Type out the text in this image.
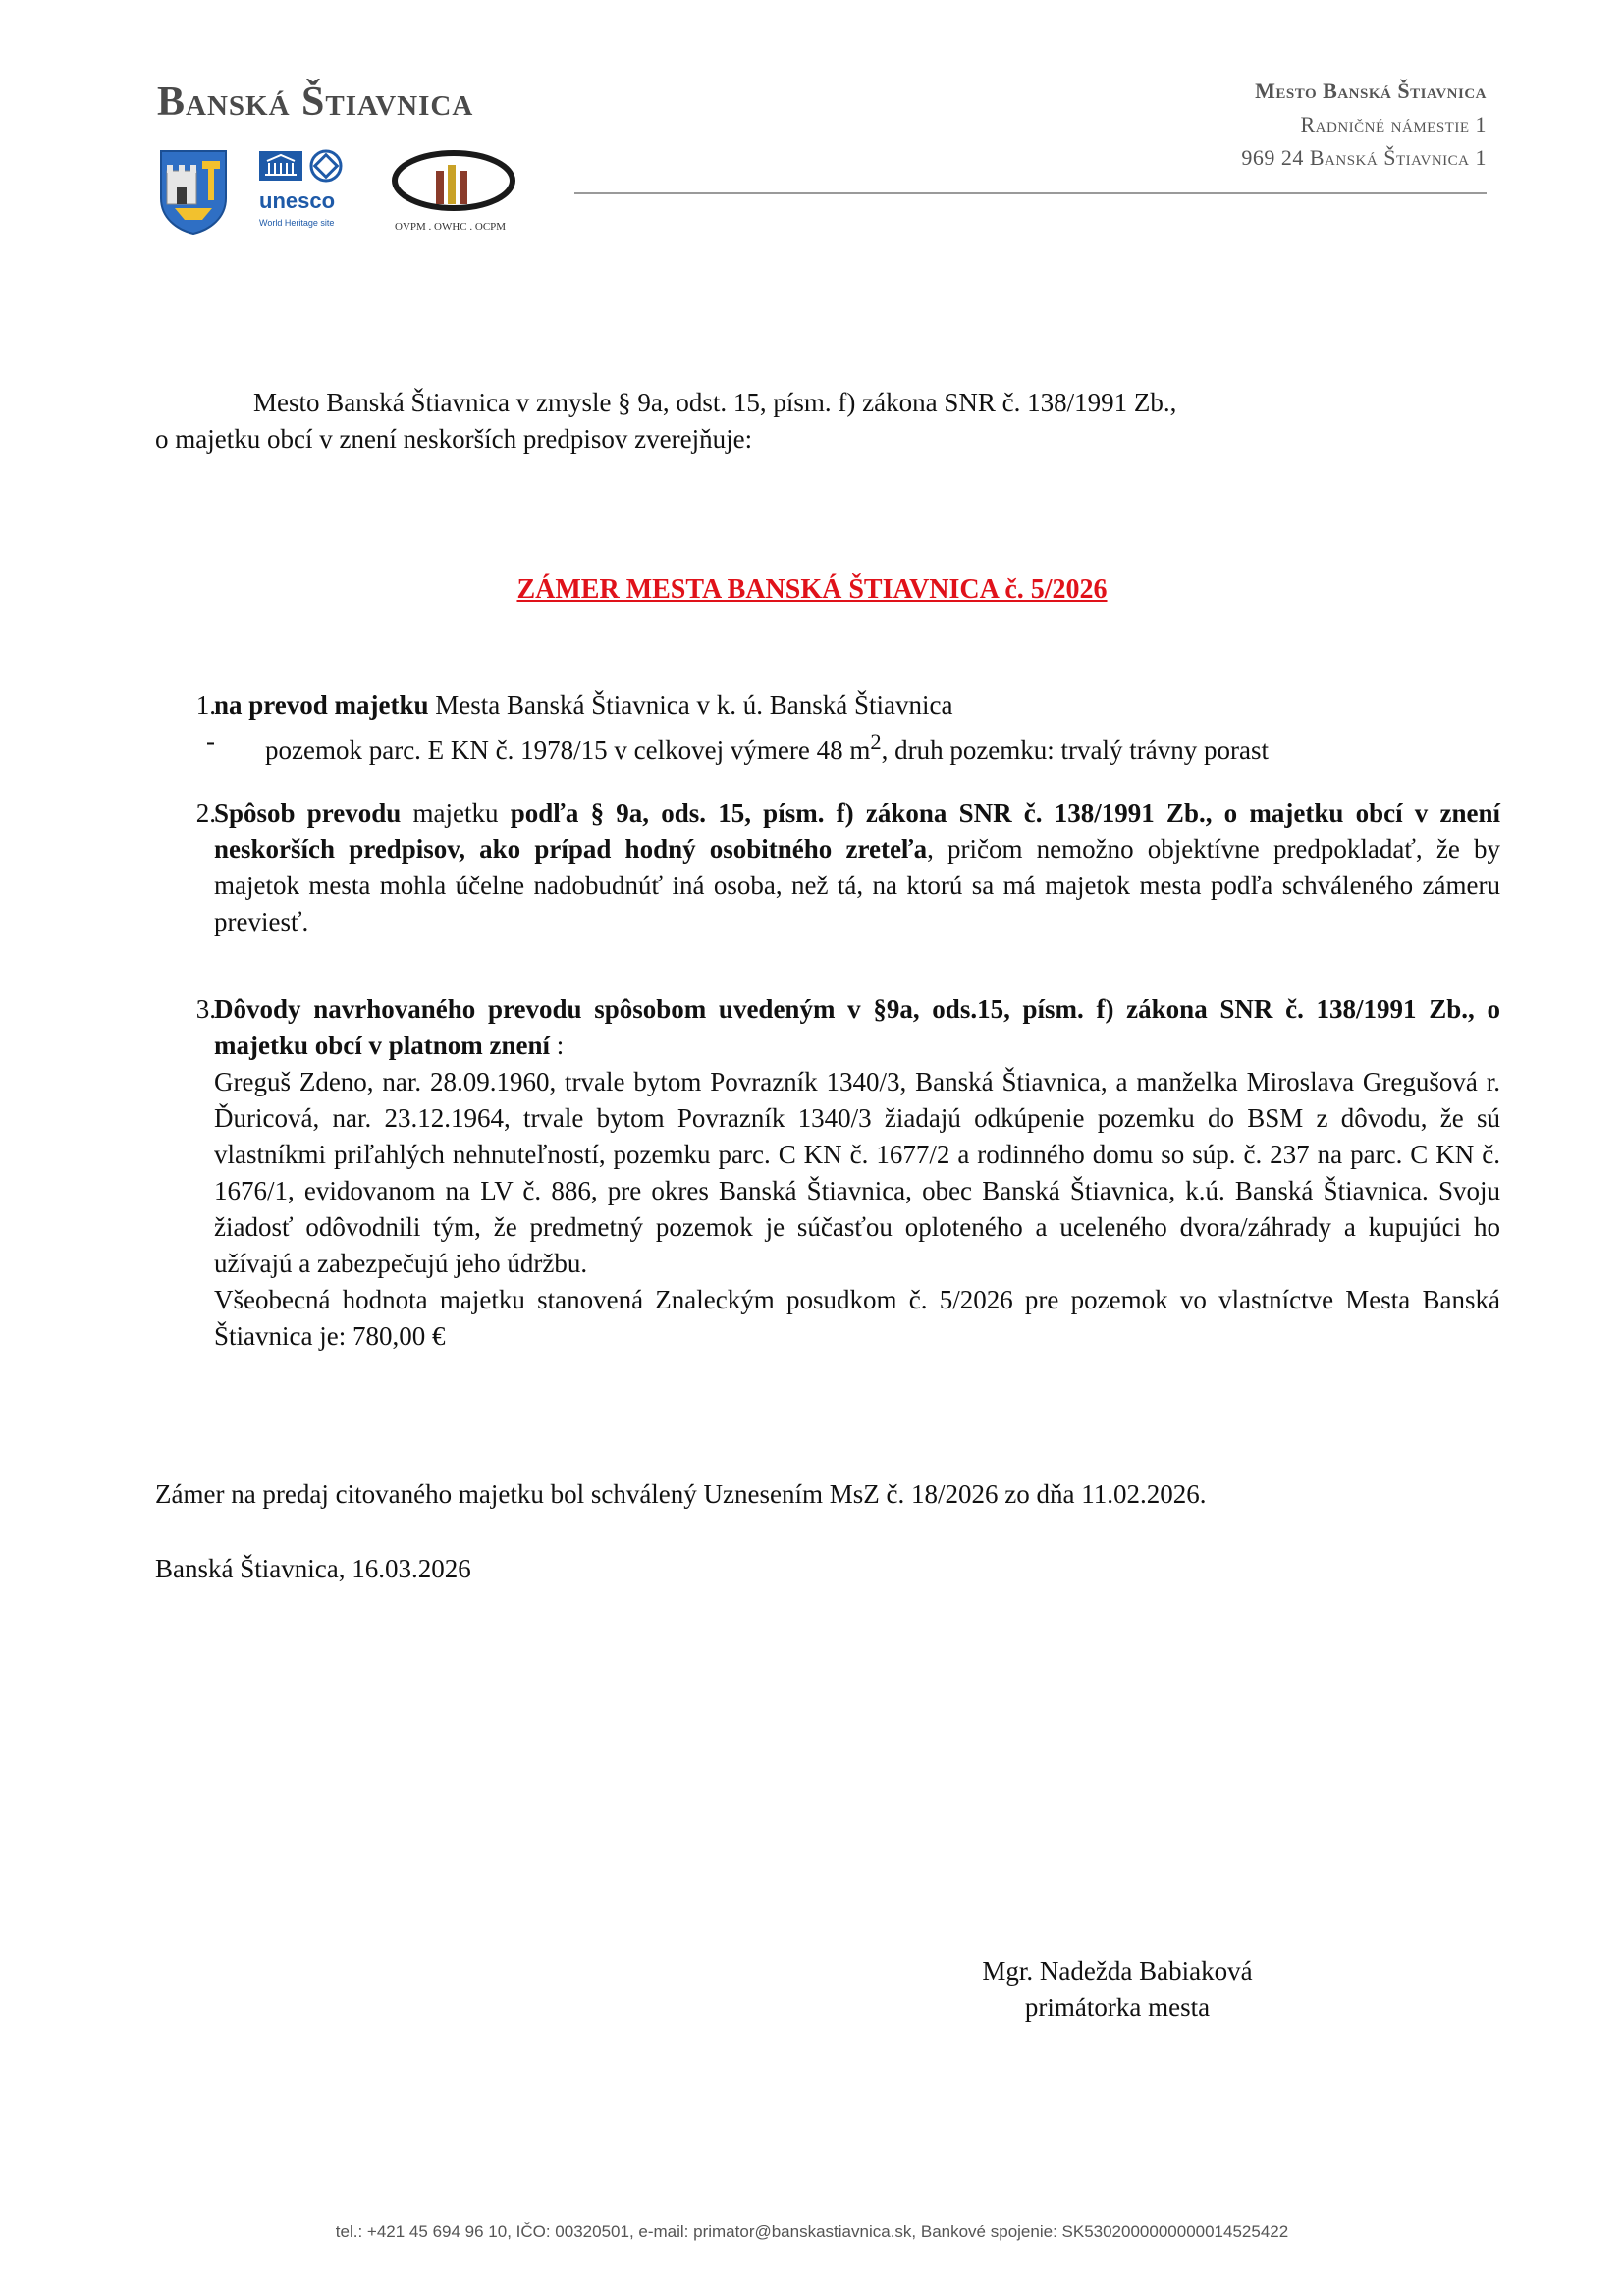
Banská Štiavnica
unesco
World Heritage site	OVPM . OWHC . OCPM
Mesto Banská Štiavnica
Radničné námestie 1
969 24 Banská Štiavnica 1
Mesto Banská Štiavnica v zmysle § 9a, odst. 15, písm. f) zákona SNR č. 138/1991 Zb.,
o majetku obcí v znení neskorších predpisov zverejňuje:
ZÁMER MESTA BANSKÁ ŠTIAVNICA č. 5/2026
1.

na prevod majetku Mesta Banská Štiavnica v k. ú. Banská Štiavnica

- pozemok parc. E KN č. 1978/15 v celkovej výmere 48 $m^2$, druh pozemku: trvalý trávny porast
2.

Spôsob prevodu majetku podľa § 9a, ods. 15, písm. f) zákona SNR č. 138/1991 Zb., o majetku obcí v znení neskorších predpisov, ako prípad hodný osobitného zreteľa, pričom nemožno objektívne predpokladať, že by majetok mesta mohla účelne nadobudnúť iná osoba, než tá, na ktorú sa má majetok mesta podľa schváleného zámeru previesť.

3.

Dôvody navrhovaného prevodu spôsobom uvedeným v §9a, ods.15, písm. f) zákona SNR č. 138/1991 Zb., o majetku obcí v platnom znení :

Greguš Zdeno, nar. 28.09.1960, trvale bytom Povrazník 1340/3, Banská Štiavnica, a manželka Miroslava Gregušová r. Ďuricová, nar. 23.12.1964, trvale bytom Povrazník 1340/3 žiadajú odkúpenie pozemku do BSM z dôvodu, že sú vlastníkmi priľahlých nehnuteľností, pozemku parc. C KN č. 1677/2 a rodinného domu so súp. č. 237 na parc. C KN č. 1676/1, evidovanom na LV č. 886, pre okres Banská Štiavnica, obec Banská Štiavnica, k.ú. Banská Štiavnica. Svoju žiadosť odôvodnili tým, že predmetný pozemok je súčasťou oploteného a uceleného dvora/záhrady a kupujúci ho užívajú a zabezpečujú jeho údržbu.

Všeobecná hodnota majetku stanovená Znaleckým posudkom č. 5/2026 pre pozemok vo vlastníctve Mesta Banská Štiavnica je: 780,00 €

Zámer na predaj citovaného majetku bol schválený Uznesením MsZ č. 18/2026 zo dňa 11.02.2026.

Banská Štiavnica, 16.03.2026

Mgr. Nadežda Babiaková

primátorka mesta

tel.: +421 45 694 96 10, IČO: 00320501, e-mail: primator@banskastiavnica.sk, Bankové spojenie: SK5302000000000014525422
